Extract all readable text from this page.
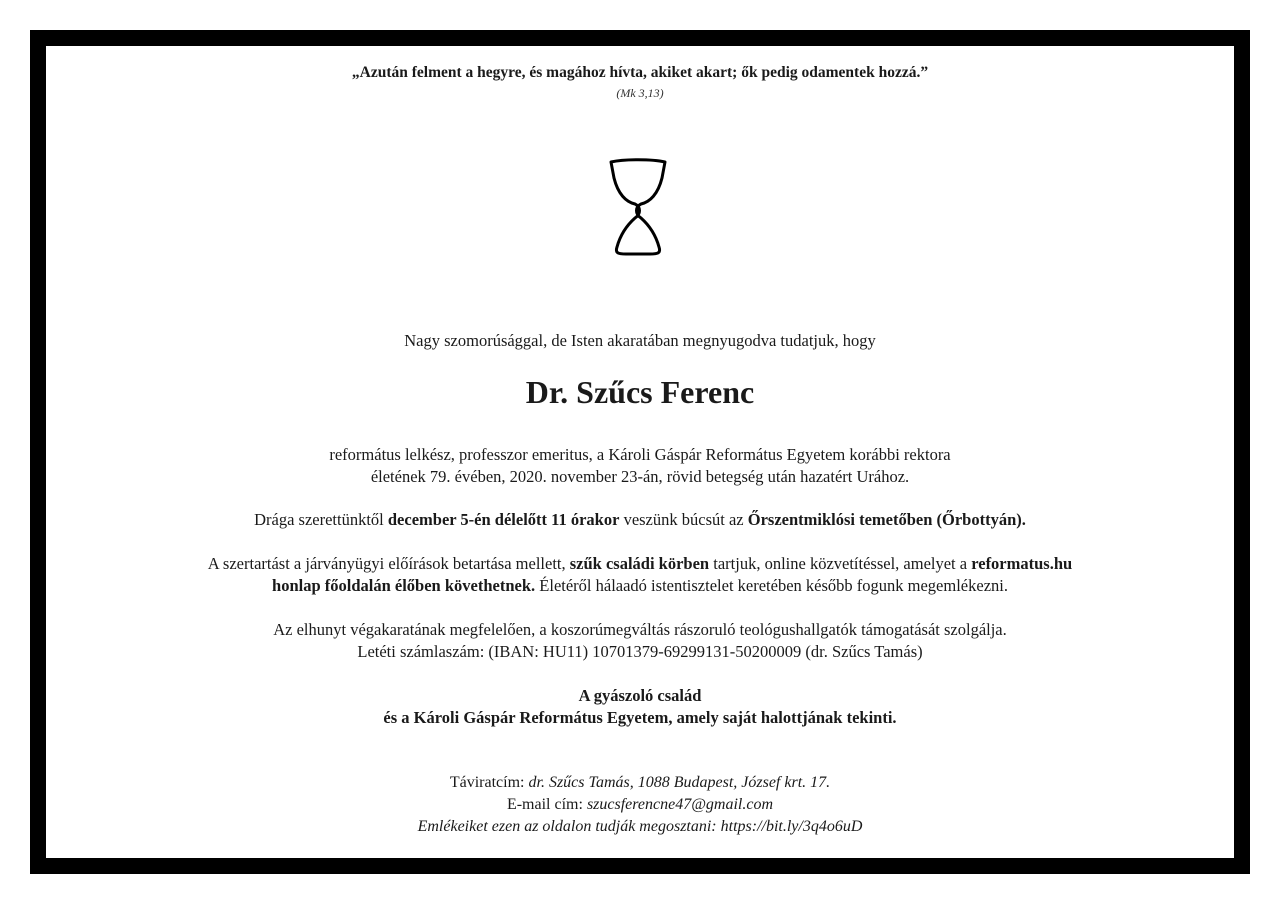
„Azután felment a hegyre, és magához hívta, akiket akart; ők pedig odamentek hozzá.”
(Mk 3,13)
Nagy szomorúsággal, de Isten akaratában megnyugodva tudatjuk, hogy
Dr. Szűcs Ferenc
református lelkész, professzor emeritus, a Károli Gáspár Református Egyetem korábbi rektora
életének 79. évében, 2020. november 23-án, rövid betegség után hazatért Urához.
Drága szerettünktől december 5-én délelőtt 11 órakor veszünk búcsút az Őrszentmiklósi temetőben (Őrbottyán).
A szertartást a járványügyi előírások betartása mellett, szűk családi körben tartjuk, online közvetítéssel, amelyet a reformatus.hu
honlap főoldalán élőben követhetnek. Életéről hálaadó istentisztelet keretében később fogunk megemlékezni.
Az elhunyt végakaratának megfelelően, a koszorúmegváltás rászoruló teológushallgatók támogatását szolgálja.
Letéti számlaszám: (IBAN: HU11) 10701379-69299131-50200009 (dr. Szűcs Tamás)
A gyászoló család
és a Károli Gáspár Református Egyetem, amely saját halottjának tekinti.
Táviratcím: dr. Szűcs Tamás, 1088 Budapest, József krt. 17.
E-mail cím: szucsferencne47@gmail.com
Emlékeiket ezen az oldalon tudják megosztani: https://bit.ly/3q4o6uD
